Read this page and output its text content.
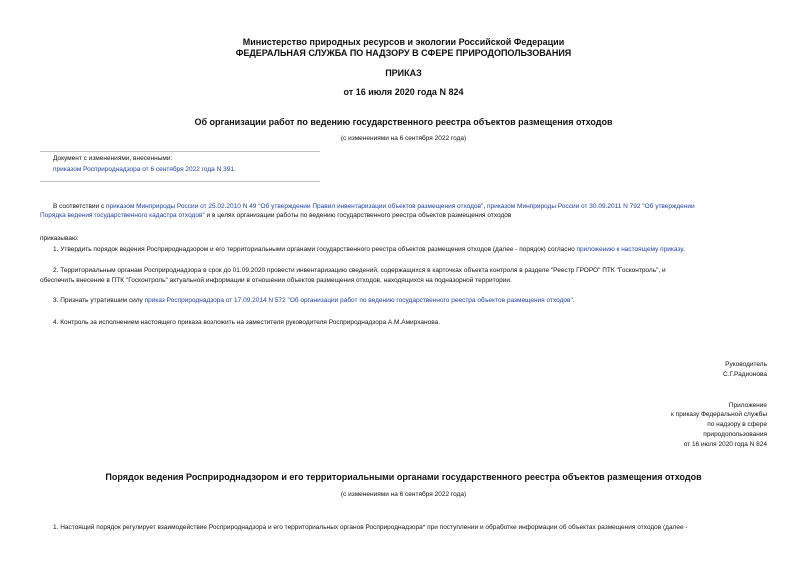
Министерство природных ресурсов и экологии Российской Федерации
ФЕДЕРАЛЬНАЯ СЛУЖБА ПО НАДЗОРУ В СФЕРЕ ПРИРОДОПОЛЬЗОВАНИЯ
ПРИКАЗ
от 16 июля 2020 года N 824
Об организации работ по ведению государственного реестра объектов размещения отходов
(с изменениями на 6 сентября 2022 года)
Документ с изменениями, внесенными:
приказом Росприроднадзора от 6 сентября 2022 года N 391.
В соответствии с приказом Минприроды России от 25.02.2010 N 49 "Об утверждении Правил инвентаризации объектов размещения отходов", приказом Минприроды России от 30.09.2011 N 792 "Об утверждении
Порядка ведения государственного кадастра отходов" и в целях организации работы по ведению государственного реестра объектов размещения отходов
приказываю:
1. Утвердить порядок ведения Росприроднадзором и его территориальными органами государственного реестра объектов размещения отходов (далее - порядок) согласно приложению к настоящему приказу.
2. Территориальным органам Росприроднадзора в срок до 01.09.2020 провести инвентаризацию сведений, содержащихся в карточках объекта контроля в разделе "Реестр ГРОРО" ПТК "Госконтроль", и
обеспечить внесение в ПТК "Госконтроль" актуальной информации в отношении объектов размещения отходов, находящихся на подназорной территории.
3. Признать утратившим силу приказ Росприроднадзора от 17.09.2014 N 572 "Об организации работ по ведению государственного реестра объектов размещения отходов".
4. Контроль за исполнением настоящего приказа возложить на заместителя руководителя Росприроднадзора А.М.Амирханова.
Руководитель
С.Г.Радионова
Приложение
к приказу Федеральной службы
по надзору в сфере
природопользования
от 16 июля 2020 года N 824
Порядок ведения Росприроднадзором и его территориальными органами государственного реестра объектов размещения отходов
(с изменениями на 6 сентября 2022 года)
1. Настоящий порядок регулирует взаимодействие Росприроднадзора и его территориальных органов Росприроднадзора* при поступлении и обработке информации об объектах размещения отходов (далее -
